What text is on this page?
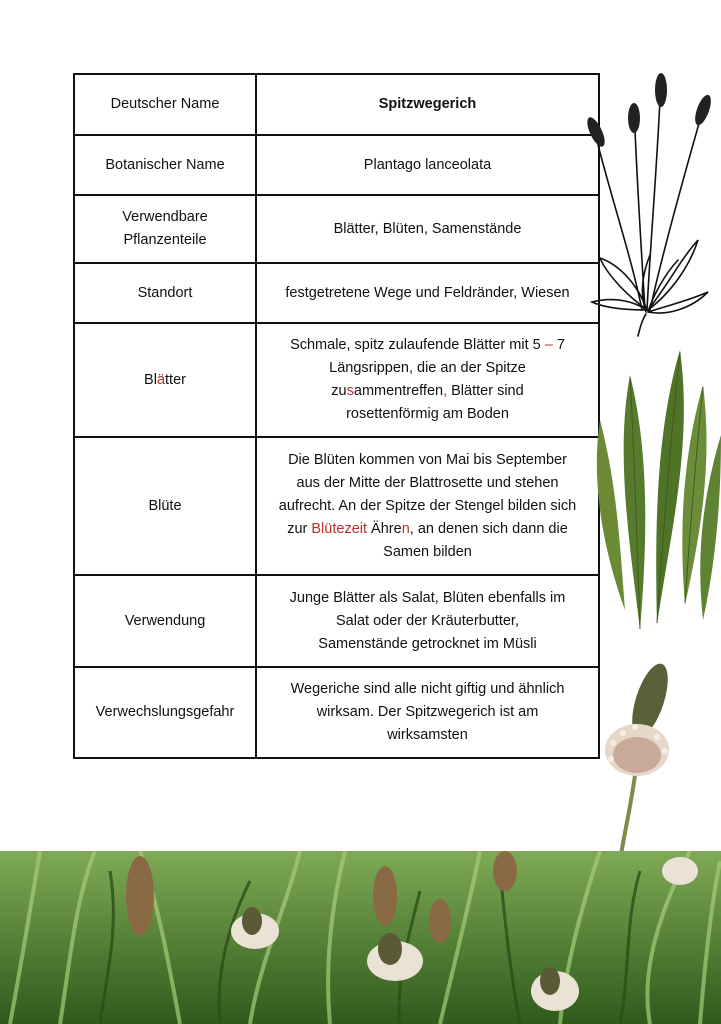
Deutscher Name	Spitzwegerich
Botanischer Name	Plantago lanceolata
Verwendbare
Pflanzenteile	Blätter, Blüten, Samenstände
Standort	festgetretene Wege und Feldränder, Wiesen
Blätter	Schmale, spitz zulaufende Blätter mit 5 – 7
Längsrippen, die an der Spitze
zusammentreffen, Blätter sind
rosettenförmig am Boden
Blüte	Die Blüten kommen von Mai bis September
aus der Mitte der Blattrosette und stehen
aufrecht. An der Spitze der Stengel bilden sich
zur Blütezeit Ähren, an denen sich dann die
Samen bilden
Verwendung	Junge Blätter als Salat, Blüten ebenfalls im
Salat oder der Kräuterbutter,
Samenstände getrocknet im Müsli
Verwechslungsgefahr	Wegeriche sind alle nicht giftig und ähnlich
wirksam. Der Spitzwegerich ist am
wirksamsten
